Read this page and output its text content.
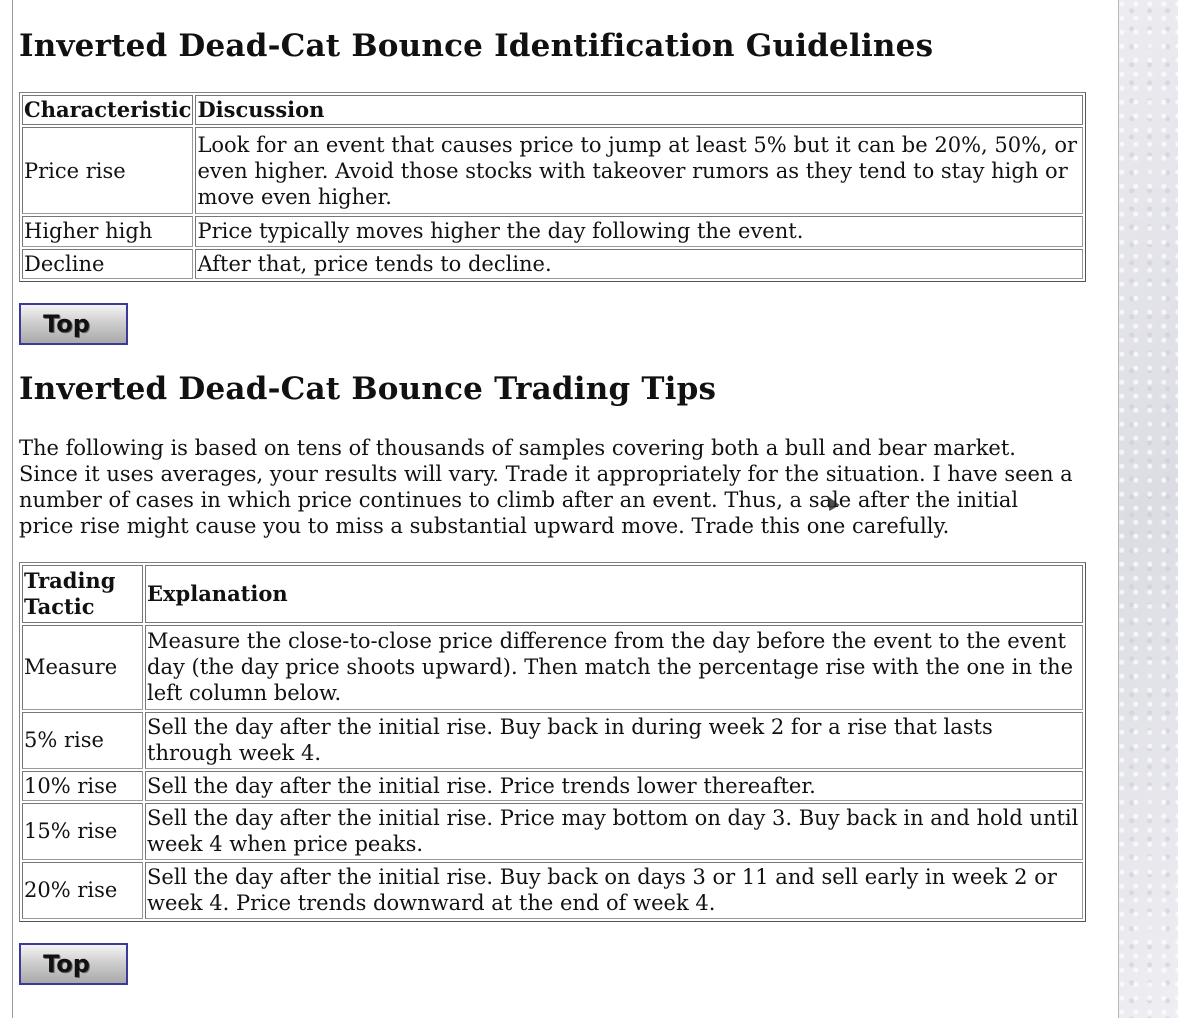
Inverted Dead-Cat Bounce Identification Guidelines
Characteristic	Discussion
Price rise	Look for an event that causes price to jump at least 5% but it can be 20%, 50%, or even higher. Avoid those stocks with takeover rumors as they tend to stay high or move even higher.
Higher high	Price typically moves higher the day following the event.
Decline	After that, price tends to decline.
Top
Inverted Dead-Cat Bounce Trading Tips

The following is based on tens of thousands of samples covering both a bull and bear market. Since it uses averages, your results will vary. Trade it appropriately for the situation. I have seen a number of cases in which price continues to climb after an event. Thus, a sale after the initial price rise might cause you to miss a substantial upward move. Trade this one carefully.

Trading Tactic	Explanation
Measure	Measure the close-to-close price difference from the day before the event to the event day (the day price shoots upward). Then match the percentage rise with the one in the left column below.
5% rise	Sell the day after the initial rise. Buy back in during week 2 for a rise that lasts through week 4.
10% rise	Sell the day after the initial rise. Price trends lower thereafter.
15% rise	Sell the day after the initial rise. Price may bottom on day 3. Buy back in and hold until week 4 when price peaks.
20% rise	Sell the day after the initial rise. Buy back on days 3 or 11 and sell early in week 2 or week 4. Price trends downward at the end of week 4.
Top
